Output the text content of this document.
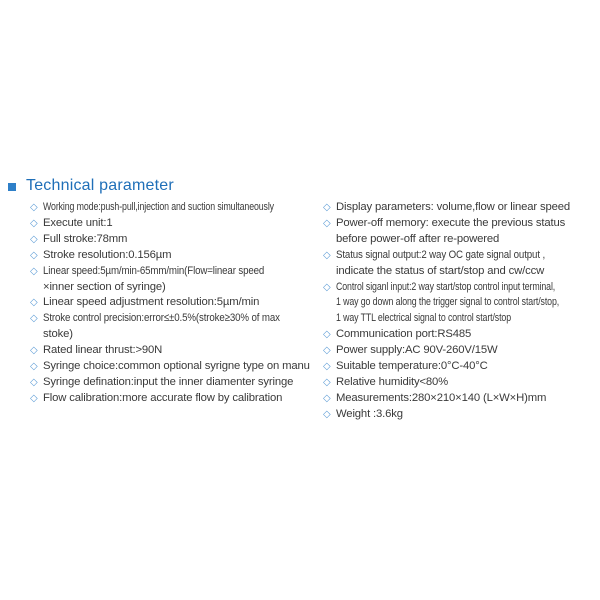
Technical parameter
◇ Working mode:push-pull,injection and suction simultaneously
◇ Execute unit:1
◇ Full stroke:78mm
◇ Stroke resolution:0.156µm
◇ Linear speed:5µm/min-65mm/min(Flow=linear speed
×inner section of syringe)
◇ Linear speed adjustment resolution:5µm/min
◇ Stroke control precision:error≤±0.5%(stroke≥30% of max
stoke)
◇ Rated linear thrust:>90N
◇ Syringe choice:common optional syrigne type on manu
◇ Syringe defination:input the inner diamenter syringe
◇ Flow calibration:more accurate flow by calibration
◇ Display parameters: volume,flow or linear speed
◇ Power-off memory: execute the previous status
before power-off after re-powered
◇ Status signal output:2 way OC gate signal output ,
indicate the status of start/stop and cw/ccw
◇ Control siganl input:2 way start/stop control input terminal,
1 way go down along the trigger signal to control start/stop,
1 way TTL electrical signal to control start/stop
◇ Communication port:RS485
◇ Power supply:AC 90V-260V/15W
◇ Suitable temperature:0°C-40°C
◇ Relative humidity<80%
◇ Measurements:280×210×140 (L×W×H)mm
◇ Weight :3.6kg
